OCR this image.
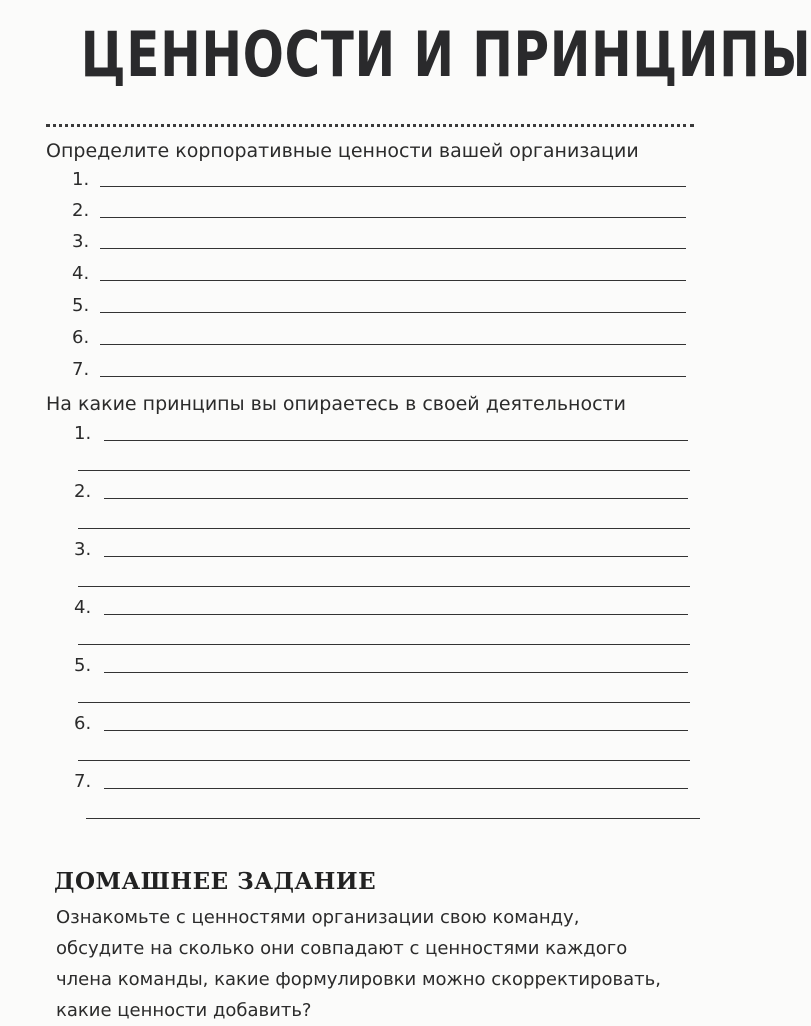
ЦЕННОСТИ И ПРИНЦИПЫ
Определите корпоративные ценности вашей организации
1.
2.
3.
4.
5.
6.
7.
На какие принципы вы опираетесь в своей деятельности
1.
2.
3.
4.
5.
6.
7.
ДОМАШНЕЕ ЗАДАНИЕ
Ознакомьте с ценностями организации свою команду,
обсудите на сколько они совпадают с ценностями каждого
члена команды, какие формулировки можно скорректировать,
какие ценности добавить?
